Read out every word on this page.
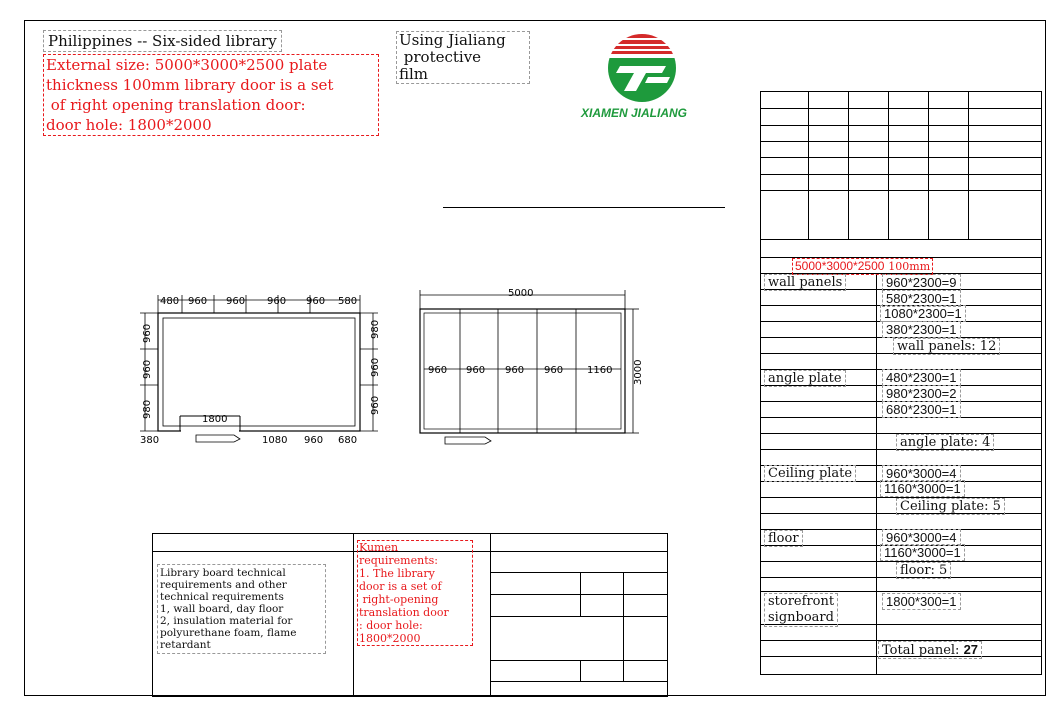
Philippines -- Six-sided library
External size: 5000*3000*2500 plate
thickness 100mm library door is a set
of right opening translation door:
door hole: 1800*2000
Using Jialiang
protective
film
XIAMEN JIALIANG
480 960 960 960 960 580
960
960
980
980
960
960
1800
380	1080 960 680
5000
3000
960 960 960 960 1160
Library board technical
requirements and other
technical requirements
1, wall board, day floor
2, insulation material for
polyurethane foam, flame
retardant
Kumen
requirements:
1. The library
door is a set of
right-opening
translation door
: door hole:
1800*2000
5000*3000*2500 100mm
wall panels	960*2300=9
580*2300=1
1080*2300=1
380*2300=1
wall panels: 12
angle plate	480*2300=1
980*2300=2
680*2300=1
angle plate: 4
Ceiling plate	960*3000=4
1160*3000=1
Ceiling plate: 5
floor	960*3000=4
1160*3000=1
floor: 5
storefront
signboard
1800*300=1
Total panel: 27
